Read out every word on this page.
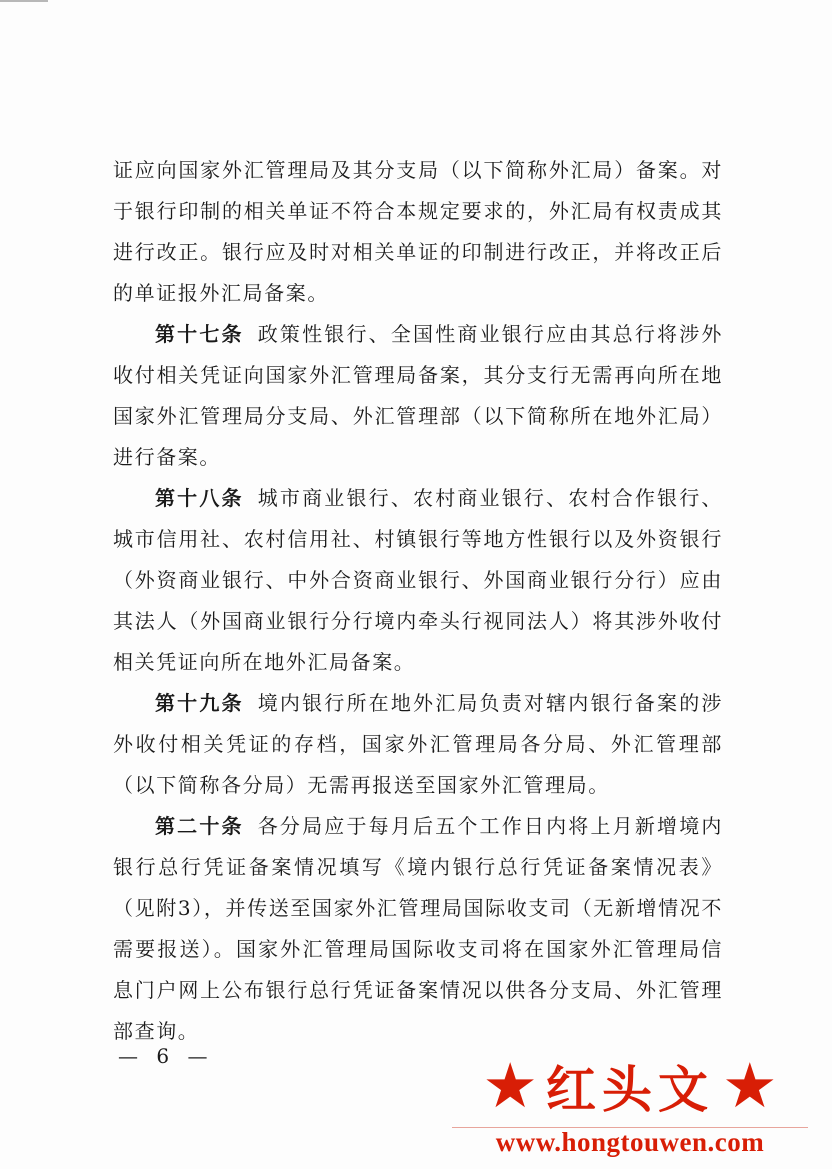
证应向国家外汇管理局及其分支局（以下简称外汇局）备案。对于银行印制的相关单证不符合本规定要求的，外汇局有权责成其进行改正。银行应及时对相关单证的印制进行改正，并将改正后的单证报外汇局备案。

第十七条 政策性银行、全国性商业银行应由其总行将涉外收付相关凭证向国家外汇管理局备案，其分支行无需再向所在地国家外汇管理局分支局、外汇管理部（以下简称所在地外汇局）进行备案。

第十八条 城市商业银行、农村商业银行、农村合作银行、城市信用社、农村信用社、村镇银行等地方性银行以及外资银行（外资商业银行、中外合资商业银行、外国商业银行分行）应由其法人（外国商业银行分行境内牵头行视同法人）将其涉外收付相关凭证向所在地外汇局备案。

第十九条 境内银行所在地外汇局负责对辖内银行备案的涉外收付相关凭证的存档，国家外汇管理局各分局、外汇管理部（以下简称各分局）无需再报送至国家外汇管理局。

第二十条 各分局应于每月后五个工作日内将上月新增境内银行总行凭证备案情况填写《境内银行总行凭证备案情况表》（见附3），并传送至国家外汇管理局国际收支司（无新增情况不需要报送）。国家外汇管理局国际收支司将在国家外汇管理局信息门户网上公布银行总行凭证备案情况以供各分支局、外汇管理部查询。

— 6 —	★ 红头文 ★
www.hongtouwen.com
